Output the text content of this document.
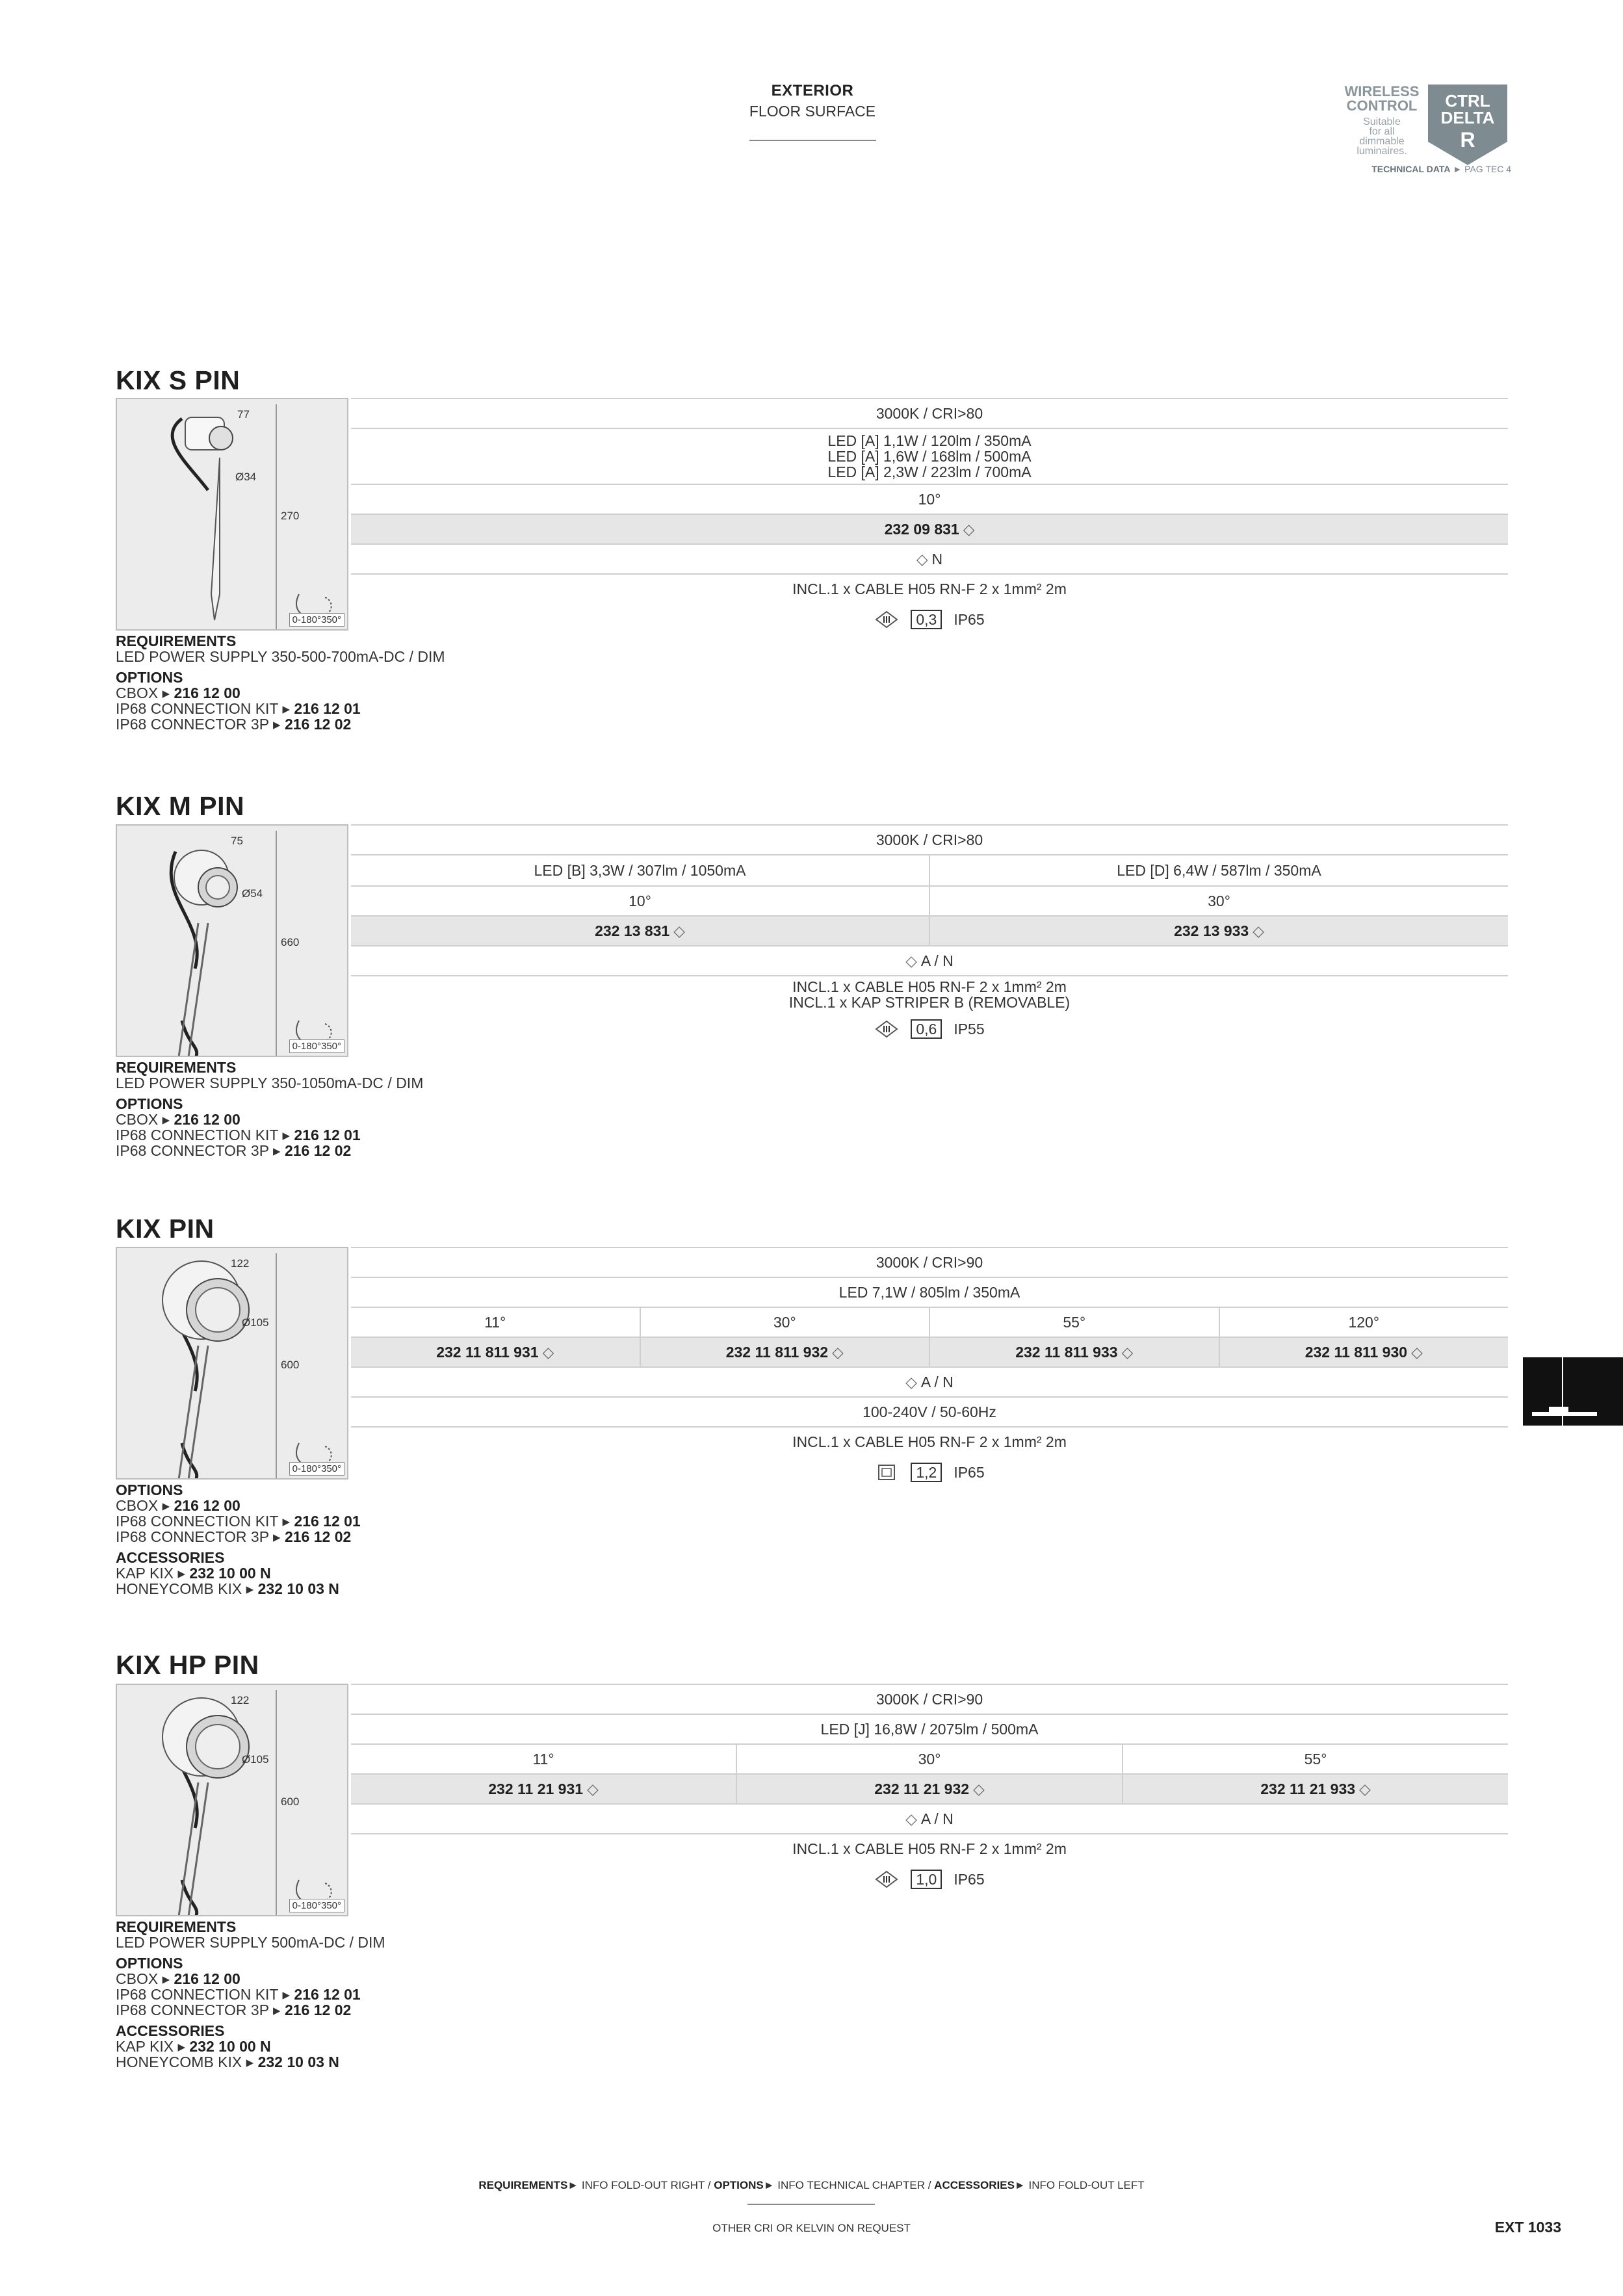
EXTERIOR
FLOOR SURFACE
WIRELESS
CONTROL
Suitable
for all
dimmable
luminaires.
CTRL
DELTA
R
TECHNICAL DATA ► PAG TEC 4
KIX S PIN
77
Ø34
270
0-180°350°
3000K / CRI>80
LED [A] 1,1W / 120lm / 350mA
LED [A] 1,6W / 168lm / 500mA
LED [A] 2,3W / 223lm / 700mA
10°
232 09 831 ◇
◇ N
INCL.1 x CABLE H05 RN-F 2 x 1mm² 2m
0,3	IP65
REQUIREMENTS
LED POWER SUPPLY 350-500-700mA-DC / DIM
OPTIONS
CBOX ▸ 216 12 00
IP68 CONNECTION KIT ▸ 216 12 01
IP68 CONNECTOR 3P ▸ 216 12 02
KIX M PIN
75
Ø54
660
0-180°350°
3000K / CRI>80
LED [B] 3,3W / 307lm / 1050mA	LED [D] 6,4W / 587lm / 350mA
10°	30°
232 13 831 ◇	232 13 933 ◇
◇ A / N
INCL.1 x CABLE H05 RN-F 2 x 1mm² 2m
INCL.1 x KAP STRIPER B (REMOVABLE)
0,6	IP55
REQUIREMENTS
LED POWER SUPPLY 350-1050mA-DC / DIM
OPTIONS
CBOX ▸ 216 12 00
IP68 CONNECTION KIT ▸ 216 12 01
IP68 CONNECTOR 3P ▸ 216 12 02
KIX PIN
122
Ø105
600
0-180°350°
3000K / CRI>90
LED 7,1W / 805lm / 350mA
11°	30°	55°	120°
232 11 811 931 ◇	232 11 811 932 ◇	232 11 811 933 ◇	232 11 811 930 ◇
◇ A / N
100-240V / 50-60Hz
INCL.1 x CABLE H05 RN-F 2 x 1mm² 2m
1,2	IP65
OPTIONS
CBOX ▸ 216 12 00
IP68 CONNECTION KIT ▸ 216 12 01
IP68 CONNECTOR 3P ▸ 216 12 02
ACCESSORIES
KAP KIX ▸ 232 10 00 N
HONEYCOMB KIX ▸ 232 10 03 N
KIX HP PIN
122
Ø105
600
0-180°350°
3000K / CRI>90
LED [J] 16,8W / 2075lm / 500mA
11°	30°	55°
232 11 21 931 ◇	232 11 21 932 ◇	232 11 21 933 ◇
◇ A / N
INCL.1 x CABLE H05 RN-F 2 x 1mm² 2m
1,0	IP65
REQUIREMENTS
LED POWER SUPPLY 500mA-DC / DIM
OPTIONS
CBOX ▸ 216 12 00
IP68 CONNECTION KIT ▸ 216 12 01
IP68 CONNECTOR 3P ▸ 216 12 02
ACCESSORIES
KAP KIX ▸ 232 10 00 N
HONEYCOMB KIX ▸ 232 10 03 N
REQUIREMENTS► INFO FOLD-OUT RIGHT / OPTIONS► INFO TECHNICAL CHAPTER / ACCESSORIES► INFO FOLD-OUT LEFT
OTHER CRI OR KELVIN ON REQUEST	EXT 1033
